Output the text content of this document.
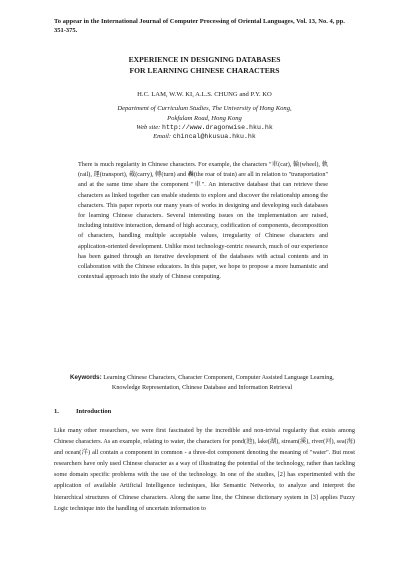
To appear in the International Journal of Computer Processing of Oriental Languages, Vol. 13, No. 4, pp. 351-375.
EXPERIENCE IN DESIGNING DATABASES
FOR LEARNING CHINESE CHARACTERS
H.C. LAM, W.W. KI, A.L.S. CHUNG and P.Y. KO
Department of Curriculum Studies, The University of Hong Kong,
Pokfulam Road, Hong Kong
Web site: http://www.dragonwise.hku.hk
Email: chincal@hkusua.hku.hk
There is much regularity in Chinese characters. For example, the characters "車(car), 輪(wheel), 軌(rail), 運(transport), 載(carry), 轉(turn) and 轟(the roar of train) are all in relation to "transportation" and at the same time share the component "車". An interactive database that can retrieve these characters as linked together can enable students to explore and discover the relationship among the characters. This paper reports our many years of works in designing and developing such databases for learning Chinese characters. Several interesting issues on the implementation are raised, including intuitive interaction, demand of high accuracy, codification of components, decomposition of characters, handling multiple acceptable values, irregularity of Chinese characters and application-oriented development. Unlike most technology-centric research, much of our experience has been gained through an iterative development of the databases with actual contents and in collaboration with the Chinese educators. In this paper, we hope to propose a more humanistic and contextual approach into the study of Chinese computing.
Keywords: Learning Chinese Characters, Character Component, Computer Assisted Language Learning, Knowledge Representation, Chinese Database and Information Retrieval
1.	Introduction
Like many other researchers, we were first fascinated by the incredible and non-trivial regularity that exists among Chinese characters. As an example, relating to water, the characters for pond(池), lake(湖), stream(溪), river(河), sea(海) and ocean(洋) all contain a component in common - a three-dot component denoting the meaning of "water". But most researchers have only used Chinese character as a way of illustrating the potential of the technology, rather than tackling some domain specific problems with the use of the technology. In one of the studies, [2] has experimented with the application of available Artificial Intelligence techniques, like Semantic Networks, to analyze and interpret the hierarchical structures of Chinese characters. Along the same line, the Chinese dictionary system in [3] applies Fuzzy Logic technique into the handling of uncertain information to
